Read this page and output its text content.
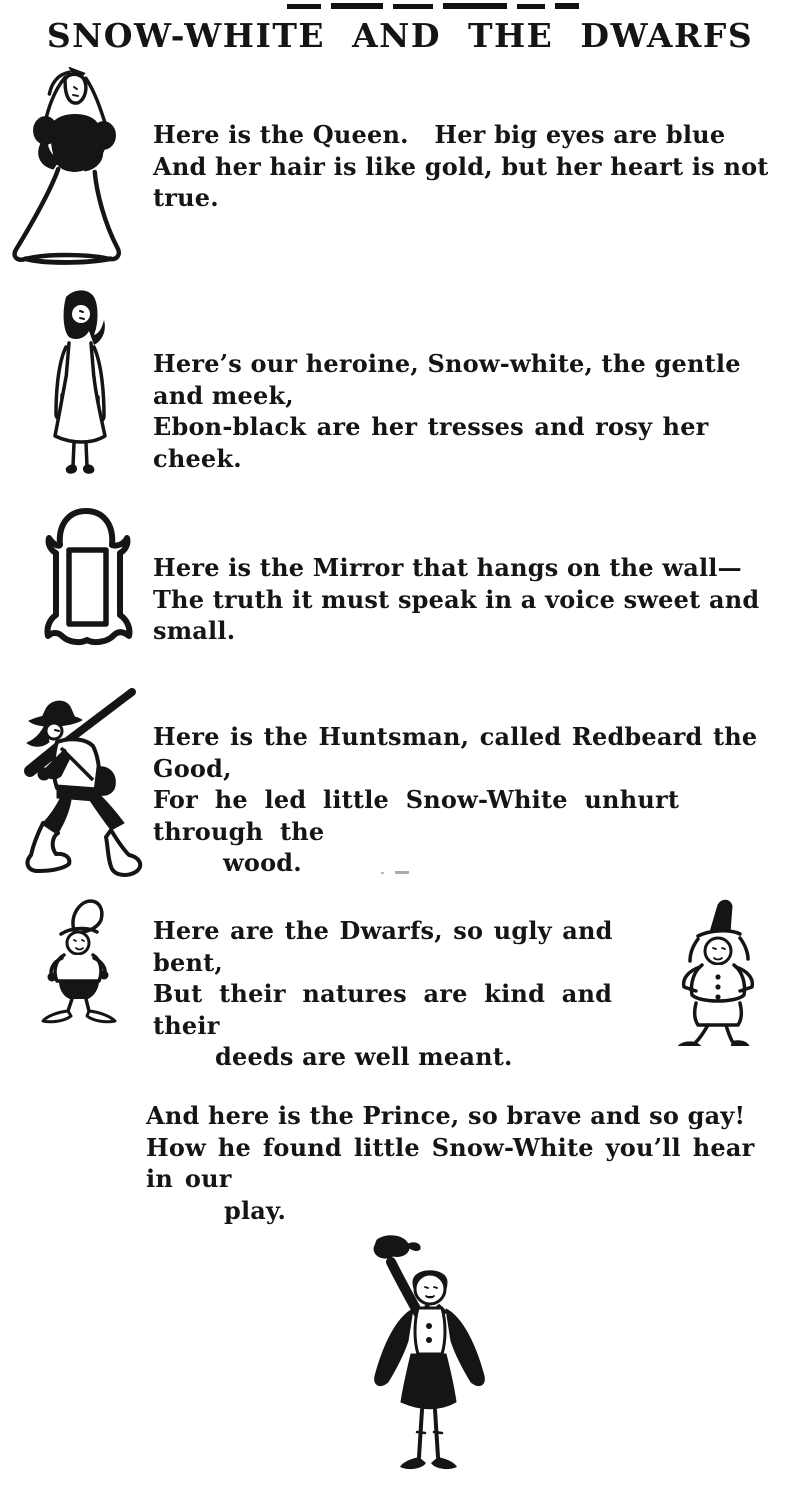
SNOW-WHITE AND THE DWARFS
Here is the Queen.   Her big eyes are blue
And her hair is like gold, but her heart is not true.
Here’s our heroine, Snow-white, the gentle and meek,
Ebon-black are her tresses and rosy her cheek.
Here is the Mirror that hangs on the wall—
The truth it must speak in a voice sweet and small.
Here is the Huntsman, called Redbeard the Good,
For he led little Snow-White unhurt through the
wood.
Here are the Dwarfs, so ugly and bent,
But their natures are kind and their
deeds are well meant.
And here is the Prince, so brave and so gay!
How he found little Snow-White you’ll hear in our
play.
